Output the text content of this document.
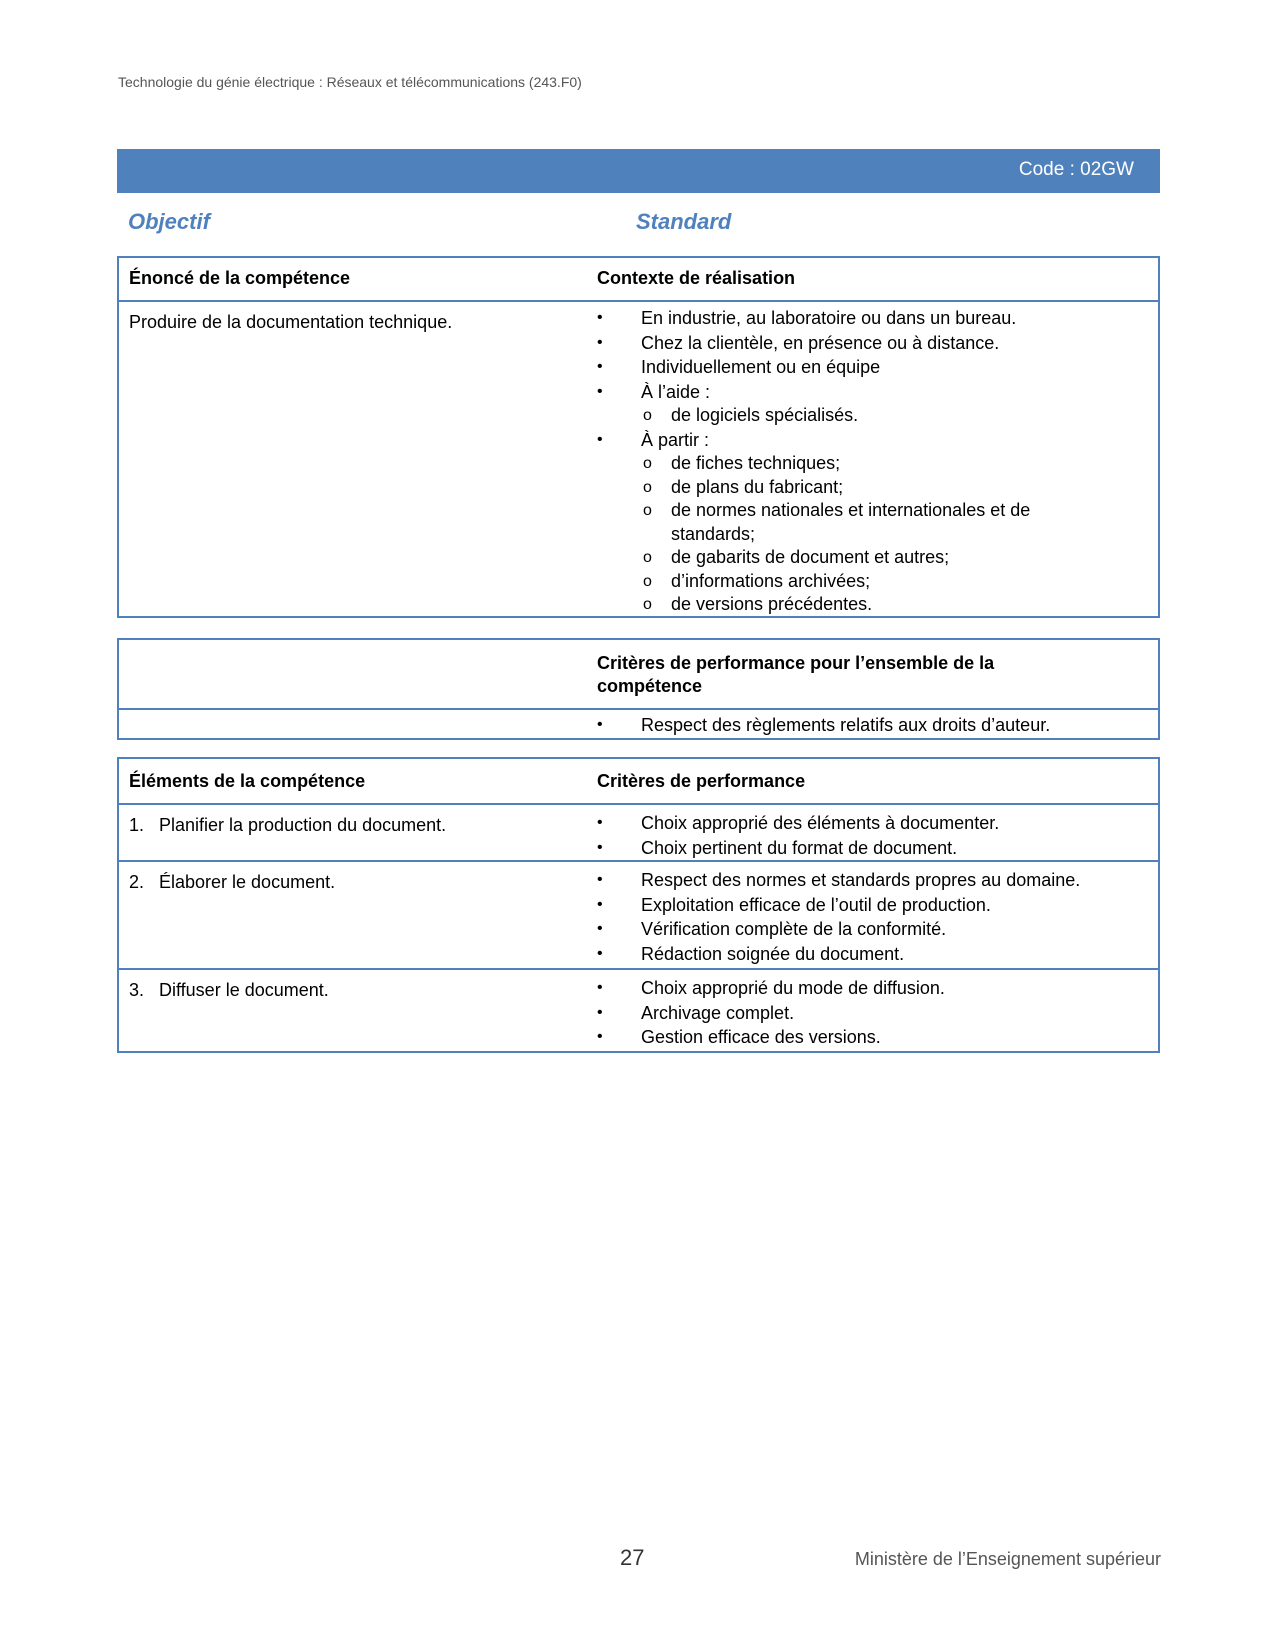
Technologie du génie électrique : Réseaux et télécommunications (243.F0)
Code : 02GW
Objectif	Standard
Énoncé de la compétence	Contexte de réalisation
Produire de la documentation technique.	• En industrie, au laboratoire ou dans un bureau.
• Chez la clientèle, en présence ou à distance.
• Individuellement ou en équipe
• À l’aide :
o de logiciels spécialisés.
• À partir :
o de fiches techniques;
o de plans du fabricant;
o de normes nationales et internationales et de standards;
o de gabarits de document et autres;
o d’informations archivées;
o de versions précédentes.
Critères de performance pour l’ensemble de la compétence
• Respect des règlements relatifs aux droits d’auteur.
Éléments de la compétence	Critères de performance
1. Planifier la production du document.	• Choix approprié des éléments à documenter.
• Choix pertinent du format de document.
2. Élaborer le document.	• Respect des normes et standards propres au domaine.
• Exploitation efficace de l’outil de production.
• Vérification complète de la conformité.
• Rédaction soignée du document.
3. Diffuser le document.	• Choix approprié du mode de diffusion.
• Archivage complet.
• Gestion efficace des versions.
27	Ministère de l’Enseignement supérieur
